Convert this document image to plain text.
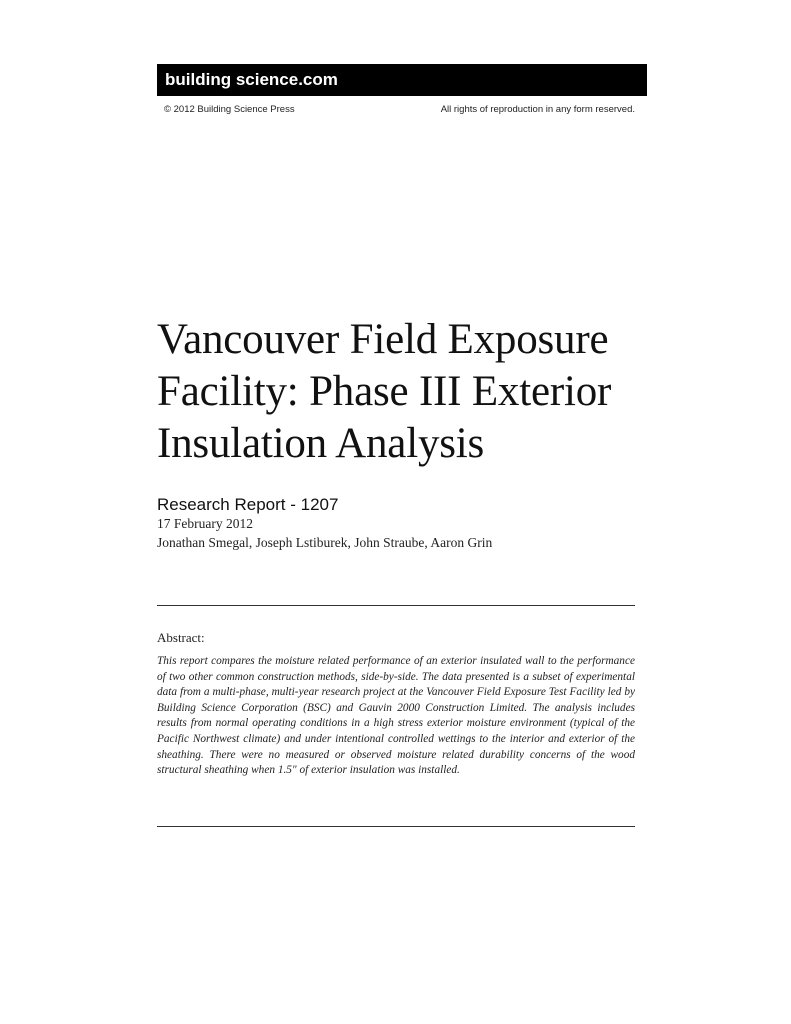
building science.com
© 2012 Building Science Press	All rights of reproduction in any form reserved.
Vancouver Field Exposure
Facility: Phase III Exterior
Insulation Analysis
Research Report - 1207
17 February 2012
Jonathan Smegal, Joseph Lstiburek, John Straube, Aaron Grin
Abstract:
This report compares the moisture related performance of an exterior insulated wall to the performance of two other common construction methods, side-by-side. The data presented is a subset of experimental data from a multi-phase, multi-year research project at the Vancouver Field Exposure Test Facility led by Building Science Corporation (BSC) and Gauvin 2000 Construction Limited. The analysis includes results from normal operating conditions in a high stress exterior moisture environment (typical of the Pacific Northwest climate) and under intentional controlled wettings to the interior and exterior of the sheathing. There were no measured or observed moisture related durability concerns of the wood structural sheathing when 1.5" of exterior insulation was installed.
